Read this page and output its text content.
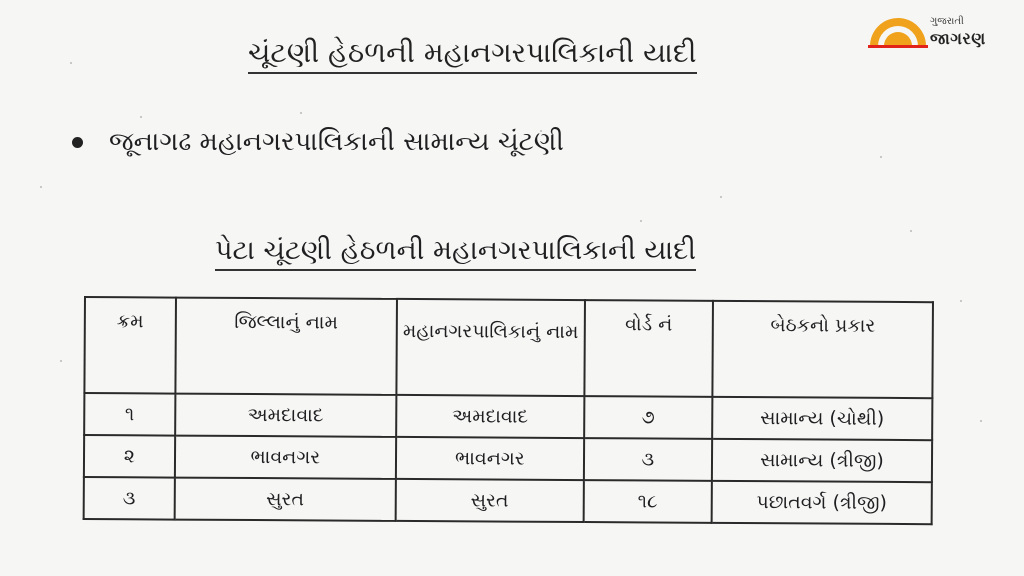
ગુજરાતી
જાગરણ
ચૂંટણી હેઠળની મહાનગરપાલિકાની યાદી
જૂનાગઢ મહાનગરપાલિકાની સામાન્ય ચૂંટણી
પેટા ચૂંટણી હેઠળની મહાનગરપાલિકાની યાદી
ક્રમ	જિલ્લાનું નામ	મહાનગરપાલિકાનું નામ	વોર્ડ નં	બેઠકનો પ્રકાર
૧	અમદાવાદ	અમદાવાદ	૭	સામાન્ય (ચોથી)
૨	ભાવનગર	ભાવનગર	૩	સામાન્ય (ત્રીજી)
૩	સુરત	સુરત	૧૮	પછાતવર્ગ (ત્રીજી)
